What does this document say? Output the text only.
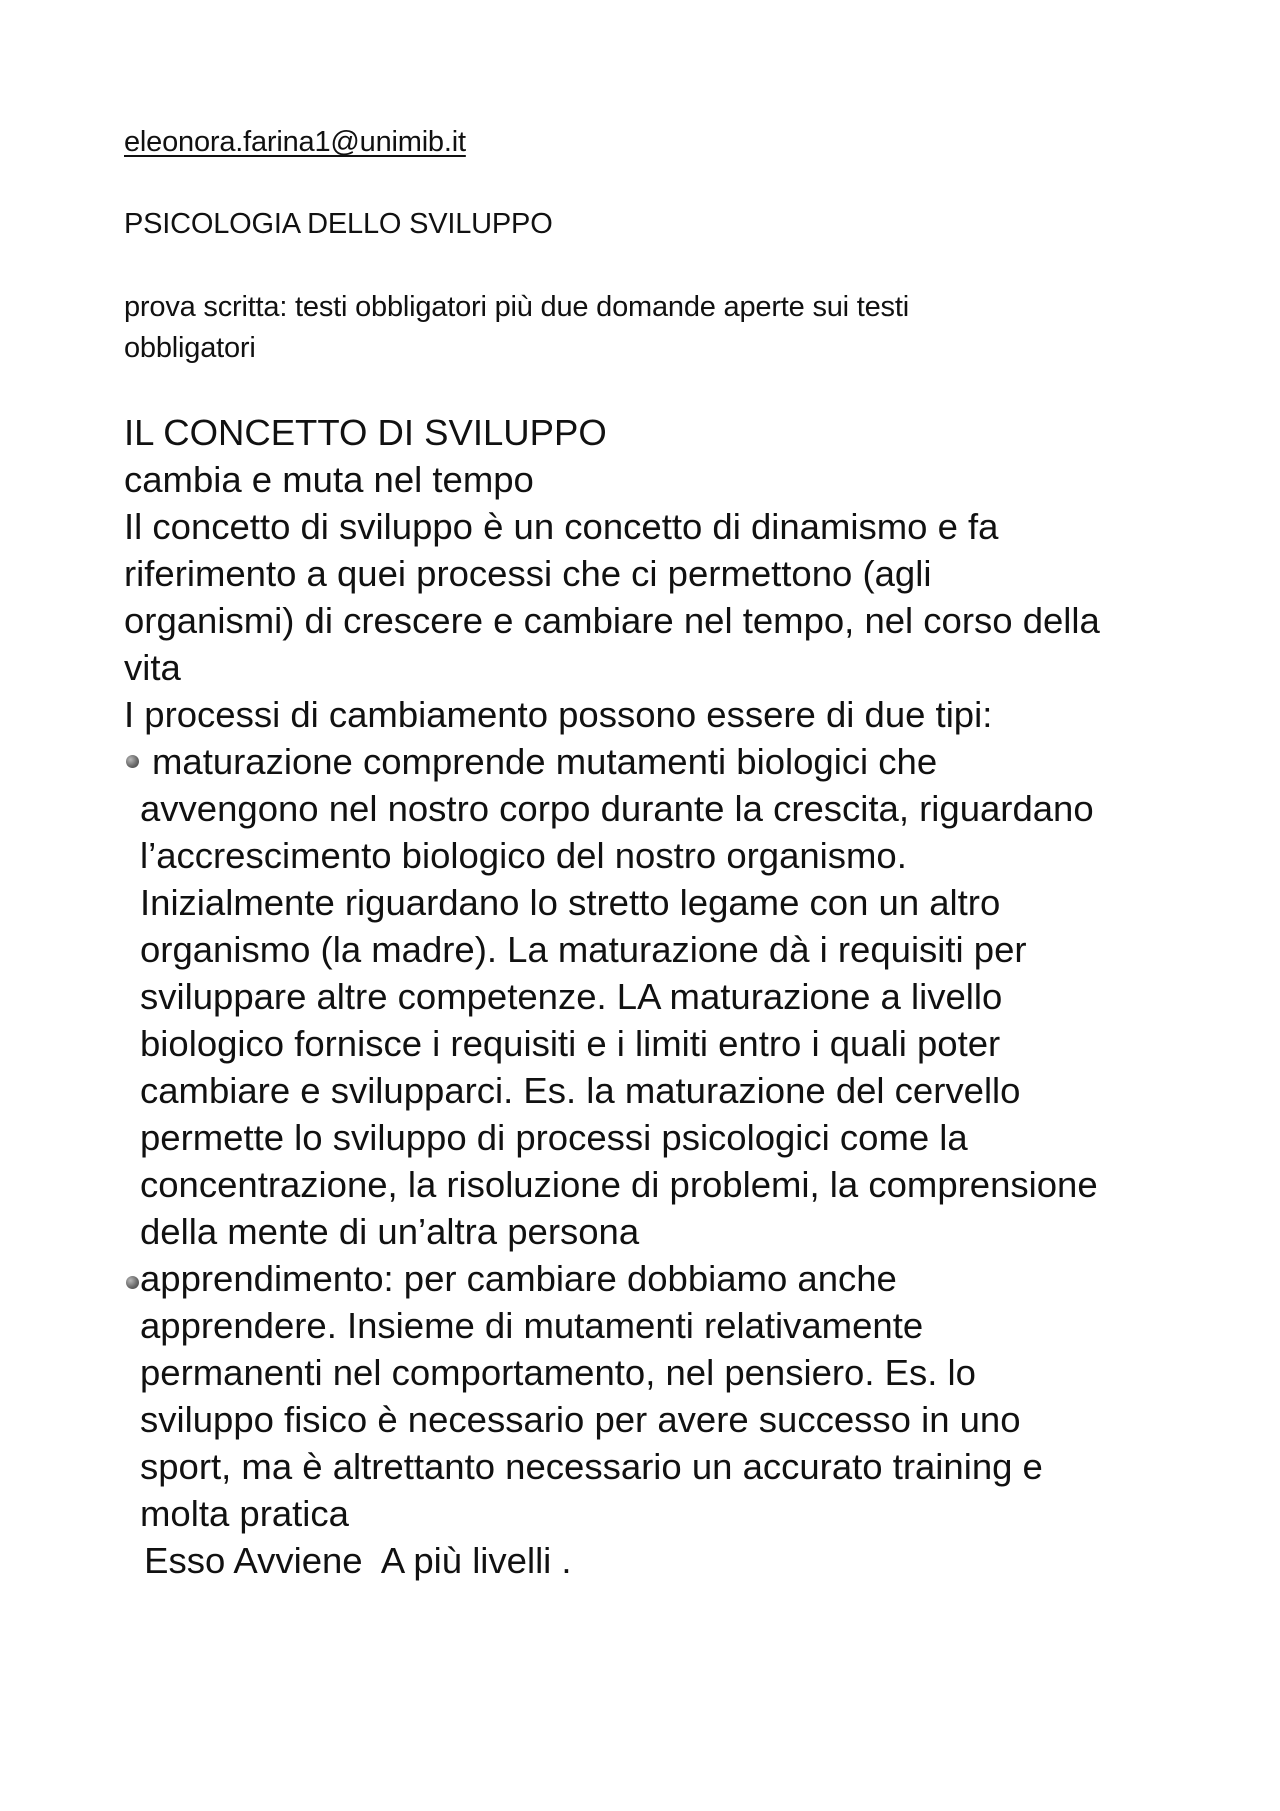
eleonora.farina1@unimib.it
PSICOLOGIA DELLO SVILUPPO
prova scritta: testi obbligatori più due domande aperte sui testi
obbligatori
IL CONCETTO DI SVILUPPO
cambia e muta nel tempo
Il concetto di sviluppo è un concetto di dinamismo e fa
riferimento a quei processi che ci permettono (agli
organismi) di crescere e cambiare nel tempo, nel corso della
vita
I processi di cambiamento possono essere di due tipi:
maturazione comprende mutamenti biologici che
avvengono nel nostro corpo durante la crescita, riguardano
l’accrescimento biologico del nostro organismo.
Inizialmente riguardano lo stretto legame con un altro
organismo (la madre). La maturazione dà i requisiti per
sviluppare altre competenze. LA maturazione a livello
biologico fornisce i requisiti e i limiti entro i quali poter
cambiare e svilupparci. Es. la maturazione del cervello
permette lo sviluppo di processi psicologici come la
concentrazione, la risoluzione di problemi, la comprensione
della mente di un’altra persona
apprendimento: per cambiare dobbiamo anche
apprendere. Insieme di mutamenti relativamente
permanenti nel comportamento, nel pensiero. Es. lo
sviluppo fisico è necessario per avere successo in uno
sport, ma è altrettanto necessario un accurato training e
molta pratica
Esso Avviene  A più livelli .
